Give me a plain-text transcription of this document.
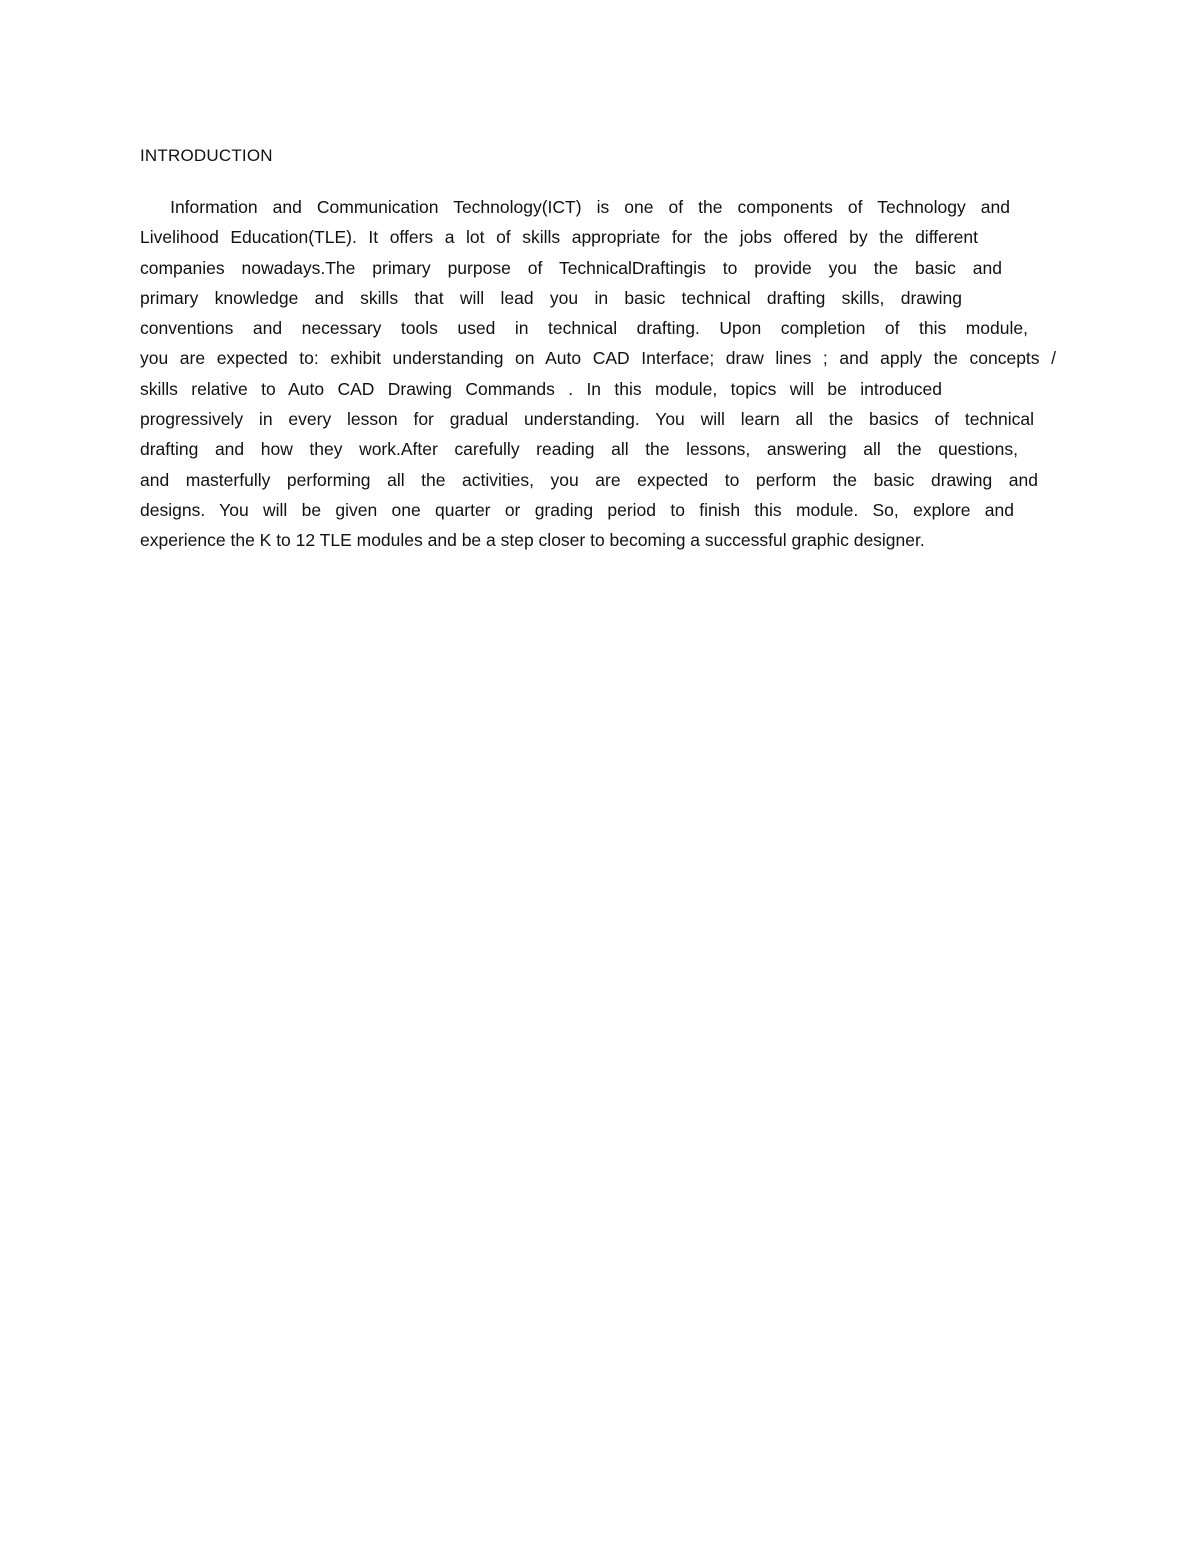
INTRODUCTION
Information and Communication Technology(ICT) is one of the components of Technology and
Livelihood Education(TLE). It offers a lot of skills appropriate for the jobs offered by the different
companies nowadays.The primary purpose of TechnicalDraftingis to provide you the basic and
primary knowledge and skills that will lead you in basic technical drafting skills, drawing
conventions and necessary tools used in technical drafting. Upon completion of this module,
you are expected to: exhibit understanding on Auto CAD Interface; draw lines ; and apply the concepts /
skills relative to Auto CAD Drawing Commands . In this module, topics will be introduced
progressively in every lesson for gradual understanding. You will learn all the basics of technical
drafting and how they work.After carefully reading all the lessons, answering all the questions,
and masterfully performing all the activities, you are expected to perform the basic drawing and
designs. You will be given one quarter or grading period to finish this module. So, explore and
experience the K to 12 TLE modules and be a step closer to becoming a successful graphic designer.
